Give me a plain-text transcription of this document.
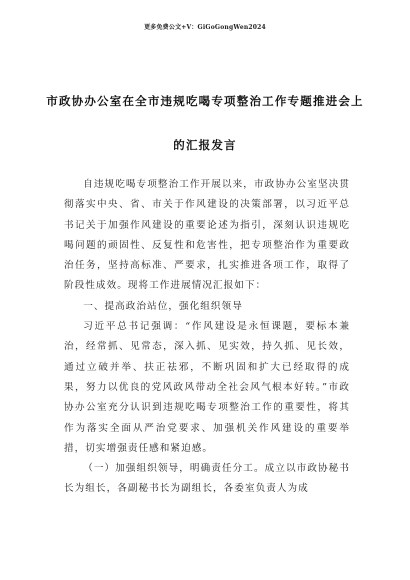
更多免费公文+V：GiGoGongWen2024
市政协办公室在全市违规吃喝专项整治工作专题推进会上
的汇报发言

自违规吃喝专项整治工作开展以来，市政协办公室坚决贯彻落实中央、省、市关于作风建设的决策部署，以习近平总书记关于加强作风建设的重要论述为指引，深刻认识违规吃喝问题的顽固性、反复性和危害性，把专项整治作为重要政治任务，坚持高标准、严要求，扎实推进各项工作，取得了阶段性成效。现将工作进展情况汇报如下：

一、提高政治站位，强化组织领导

习近平总书记强调：“作风建设是永恒课题，要标本兼治，经常抓、见常态，深入抓、见实效，持久抓、见长效，通过立破并举、扶正祛邪，不断巩固和扩大已经取得的成果，努力以优良的党风政风带动全社会风气根本好转。”市政协办公室充分认识到违规吃喝专项整治工作的重要性，将其作为落实全面从严治党要求、加强机关作风建设的重要举措，切实增强责任感和紧迫感。

（一）加强组织领导，明确责任分工。成立以市政协秘书长为组长，各副秘书长为副组长，各委室负责人为成
